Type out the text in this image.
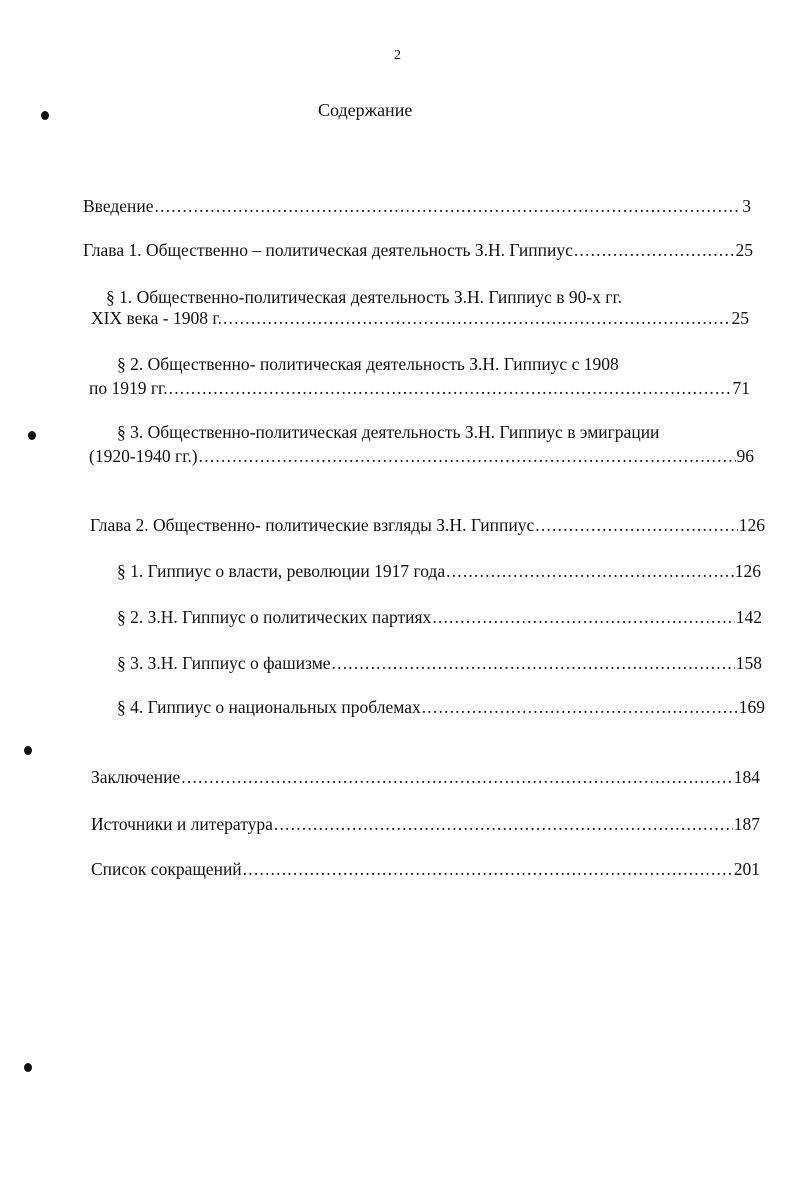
2
Содержание
Введение .....	3
Глава 1. Общественно – политическая деятельность З.Н. Гиппиус .....	25
§ 1. Общественно-политическая деятельность З.Н. Гиппиус в 90-х гг.
XIX века - 1908 г. .....	25
§ 2. Общественно- политическая деятельность З.Н. Гиппиус с 1908
по 1919 гг. .....	71
§ 3. Общественно-политическая деятельность З.Н. Гиппиус в эмиграции
(1920-1940 гг.) .....	96
Глава 2. Общественно- политические взгляды З.Н. Гиппиус .....	126
§ 1. Гиппиус о власти, революции 1917 года .....	126
§ 2. З.Н. Гиппиус о политических партиях .....	142
§ 3. З.Н. Гиппиус о фашизме .....	158
§ 4. Гиппиус о национальных проблемах .....	169
Заключение .....	184
Источники и литература .....	187
Список сокращений .....	201
